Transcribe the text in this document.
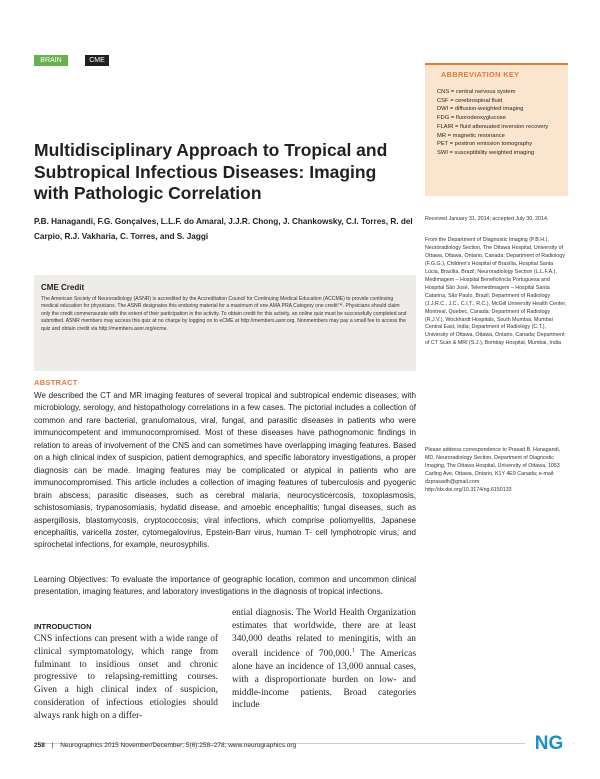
BRAIN	CME
Multidisciplinary Approach to Tropical and Subtropical Infectious Diseases: Imaging with Pathologic Correlation
P.B. Hanagandi, F.G. Gonçalves, L.L.F. do Amaral, J.J.R. Chong, J. Chankowsky, C.I. Torres, R. del Carpio, R.J. Vakharia, C. Torres, and S. Jaggi
CME Credit
The American Society of Neuroradiology (ASNR) is accredited by the Accreditation Council for Continuing Medical Education (ACCME) to provide continuing medical education for physicians. The ASNR designates this enduring material for a maximum of one AMA PRA Category one credit™. Physicians should claim only the credit commensurate with the extent of their participation in the activity. To obtain credit for this activity, an online quiz must be successfully completed and submitted. ASNR members may access this quiz at no charge by logging on to eCME at http://members.asnr.org. Nonmembers may pay a small fee to access the quiz and obtain credit via http://members.asnr.org/ecme.
ABSTRACT

We described the CT and MR imaging features of several tropical and subtropical endemic diseases, with microbiology, serology, and histopathology correlations in a few cases. The pictorial includes a collection of common and rare bacterial, granulomatous, viral, fungal, and parasitic diseases in patients who were immunocompetent and immunocompromised. Most of these diseases have pathognomonic findings in relation to areas of involvement of the CNS and can sometimes have overlapping imaging features. Based on a high clinical index of suspicion, patient demographics, and specific laboratory investigations, a proper diagnosis can be made. Imaging features may be complicated or atypical in patients who are immunocompromised. This article includes a collection of imaging features of tuberculosis and pyogenic brain abscess; parasitic diseases, such as cerebral malaria, neurocysticercosis, toxoplasmosis, schistosomiasis, trypanosomiasis, hydatid disease, and amoebic encephalitis; fungal diseases, such as aspergillosis, blastomycosis, cryptococcosis; viral infections, which comprise poliomyelitis, Japanese encephalitis, varicella zoster, cytomegalovirus, Epstein-Barr virus, human T- cell lymphotropic virus; and spirochetal infections, for example, neurosyphilis.

Learning Objectives: To evaluate the importance of geographic location, common and uncommon clinical presentation, imaging features, and laboratory investigations in the diagnosis of tropical infections.

INTRODUCTION

CNS infections can present with a wide range of clinical symptomatology, which range from fulminant to insidious onset and chronic progressive to relapsing-remitting courses. Given a high clinical index of suspicion, consideration of infectious etiologies should always rank high on a differ-

ential diagnosis. The World Health Organization estimates that worldwide, there are at least 340,000 deaths related to meningitis, with an overall incidence of 700,000.$^1$ The Americas alone have an incidence of 13,000 annual cases, with a disproportionate burden on low- and middle-income patients. Broad categories include

ABBREVIATION KEY
CNS = central nervous system
CSF = cerebrospinal fluid
DWI = diffusion-weighted imaging
FDG = fluorodeoxyglucose
FLAIR = fluid attenuated inversion recovery
MR = magnetic resonance
PET = positron emission tomography
SWI = susceptibility weighted imaging
Received January 31, 2014; accepted July 30, 2014.
From the Department of Diagnostic Imaging (P.B.H.), Neuroradiology Section, The Ottawa Hospital, University of Ottawa, Ottawa, Ontario, Canada; Department of Radiology (F.G.G.), Children's Hospital of Brasília, Hospital Santa Lúcia, Brasília, Brazil; Neuroradiology Section (L.L.F.A.), Medimagem – Hospital Beneficência Portuguesa and Hospital São José, Telemedimagem – Hospital Santa Catarina, São Paulo, Brazil; Department of Radiology (J.J.R.C., J.C., C.I.T., R.C.), McGill University Health Center, Montreal, Quebec, Canada; Department of Radiology (R.J.V.), Wockhardt Hospitals, South Mumbai, Mumbai Central East, India; Department of Radiology (C.T.), University of Ottawa, Ottawa, Ontario, Canada; Department of CT Scan & MRI (S.J.), Bombay Hospital, Mumbai, India
Please address correspondence to Prasad B. Hanagandi, MD, Neuroradiology Section, Department of Diagnostic Imaging, The Ottawa Hospital, University of Ottawa, 1053 Carling Ave, Ottawa, Ontario, K1Y 4E9 Canada; e-mail: dzprasadh@gmail.com
http://dx.doi.org/10.3174/ng.6150133
258 | Neurographics 2015 November/December; 5(6):258–278; www.neurographics.org	NG
